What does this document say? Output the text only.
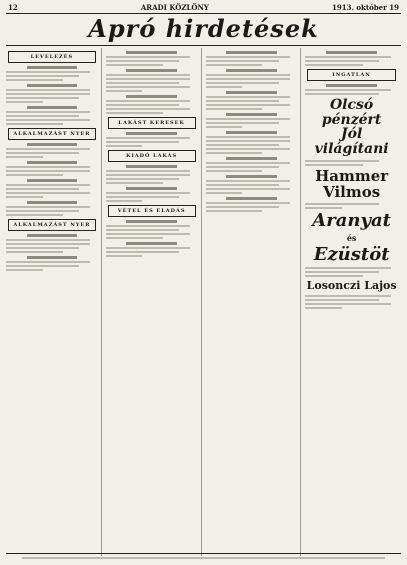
12	ARADI KÖZLÖNY	1913. október 19
Apró hirdetések
LEVELEZÉS
ALKALMAZÁST NYER
ALKALMAZÁST NYER
LAKÁST KERESEK
KIADÓ LAKÁS
VÉTEL ÉS ELADÁS
INGATLAN
Olcsó pénzért
Jól világítani
Hammer Vilmos
Aranyat
és
Ezüstöt
Losonczi Lajos
